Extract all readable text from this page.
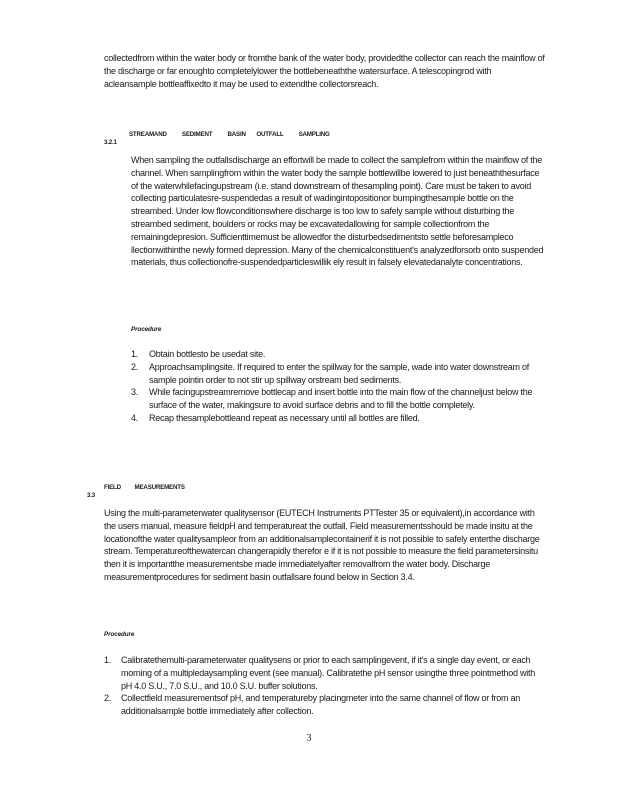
collectedfrom within the water body or fromthe bank of the water body, providedthe collector can reach the mainflow of the discharge or far enoughto completelylower the bottlebeneaththe watersurface. A telescopingrod with acleansample bottleaffixedto it may be used to extendthe collectorsreach.

3.2.1
STREAMAND          SEDIMENT          BASIN       OUTFALL          SAMPLING

When sampling the outfallsdischarge an effortwill be made to collect the samplefrom within the mainflow of the channel. When samplingfrom within the water body the sample bottlewillbe lowered to just beneaththesurface of the waterwhilefacingupstream (i.e. stand downstream of thesampling point). Care must be taken to avoid collecting particulatesre-suspendedas a result of wadingintopositionor bumpingthesample bottle on the streambed. Under low flowconditionswhere discharge is too low to safely sample without disturbing the streambed sediment, boulders or rocks may be excavatedallowing for sample collectionfrom the remainingdepresion. Sufficienttimemust be allowedfor the disturbedsedimentsto settle beforesampleco llectionwithinthe newly formed depression. Many of the chemicalconstituent's analyzedforsorb onto suspended materials, thus collectionofre-suspendedparticleswillik ely result in falsely elevatedanalyte concentrations.

Procedure

1. Obtain bottlesto be usedat site.
2. Approachsamplingsite. If required to enter the spillway for the sample, wade into water downstream of sample pointin order to not stir up spillway orstream bed sediments.
3. While facingupstreamremove bottlecap and insert bottle into the main flow of the channeljust below the surface of the water, makingsure to avoid surface debris and to fill the bottle completely.
4. Recap thesamplebottleand repeat as necessary until all bottles are filled.
3.3
FIELD         MEASUREMENTS

Using the multi-parameterwater qualitysensor (EUTECH Instruments PTTester 35 or equivalent),in accordance with the users manual, measure fieldpH and temperatureat the outfall. Field measurementsshould be made insitu at the locationofthe water qualitysampleor from an additionalsamplecontainerif it is not possible to safely enterthe discharge stream. Temperatureofthewatercan changerapidly therefor e if it is not possible to measure the field parametersinsitu then it is importantthe measurementsbe made immediatelyafter removalfrom the water body. Discharge measurementprocedures for sediment basin outfallsare found below in Section 3.4.

Procedure

1. Calibratethemulti-parameterwater qualitysens or prior to each samplingevent, if it's a single day event, or each morning of a multipledaysampling event (see manual). Calibratethe pH sensor usingthe three pointmethod with pH 4.0 S.U., 7.0 S.U., and 10.0 S.U. buffer solutions.
2. Collectfield measurementsof pH, and temperatureby placingmeter into the same channel of flow or from an additionalsample bottle immediately after collection.
3
